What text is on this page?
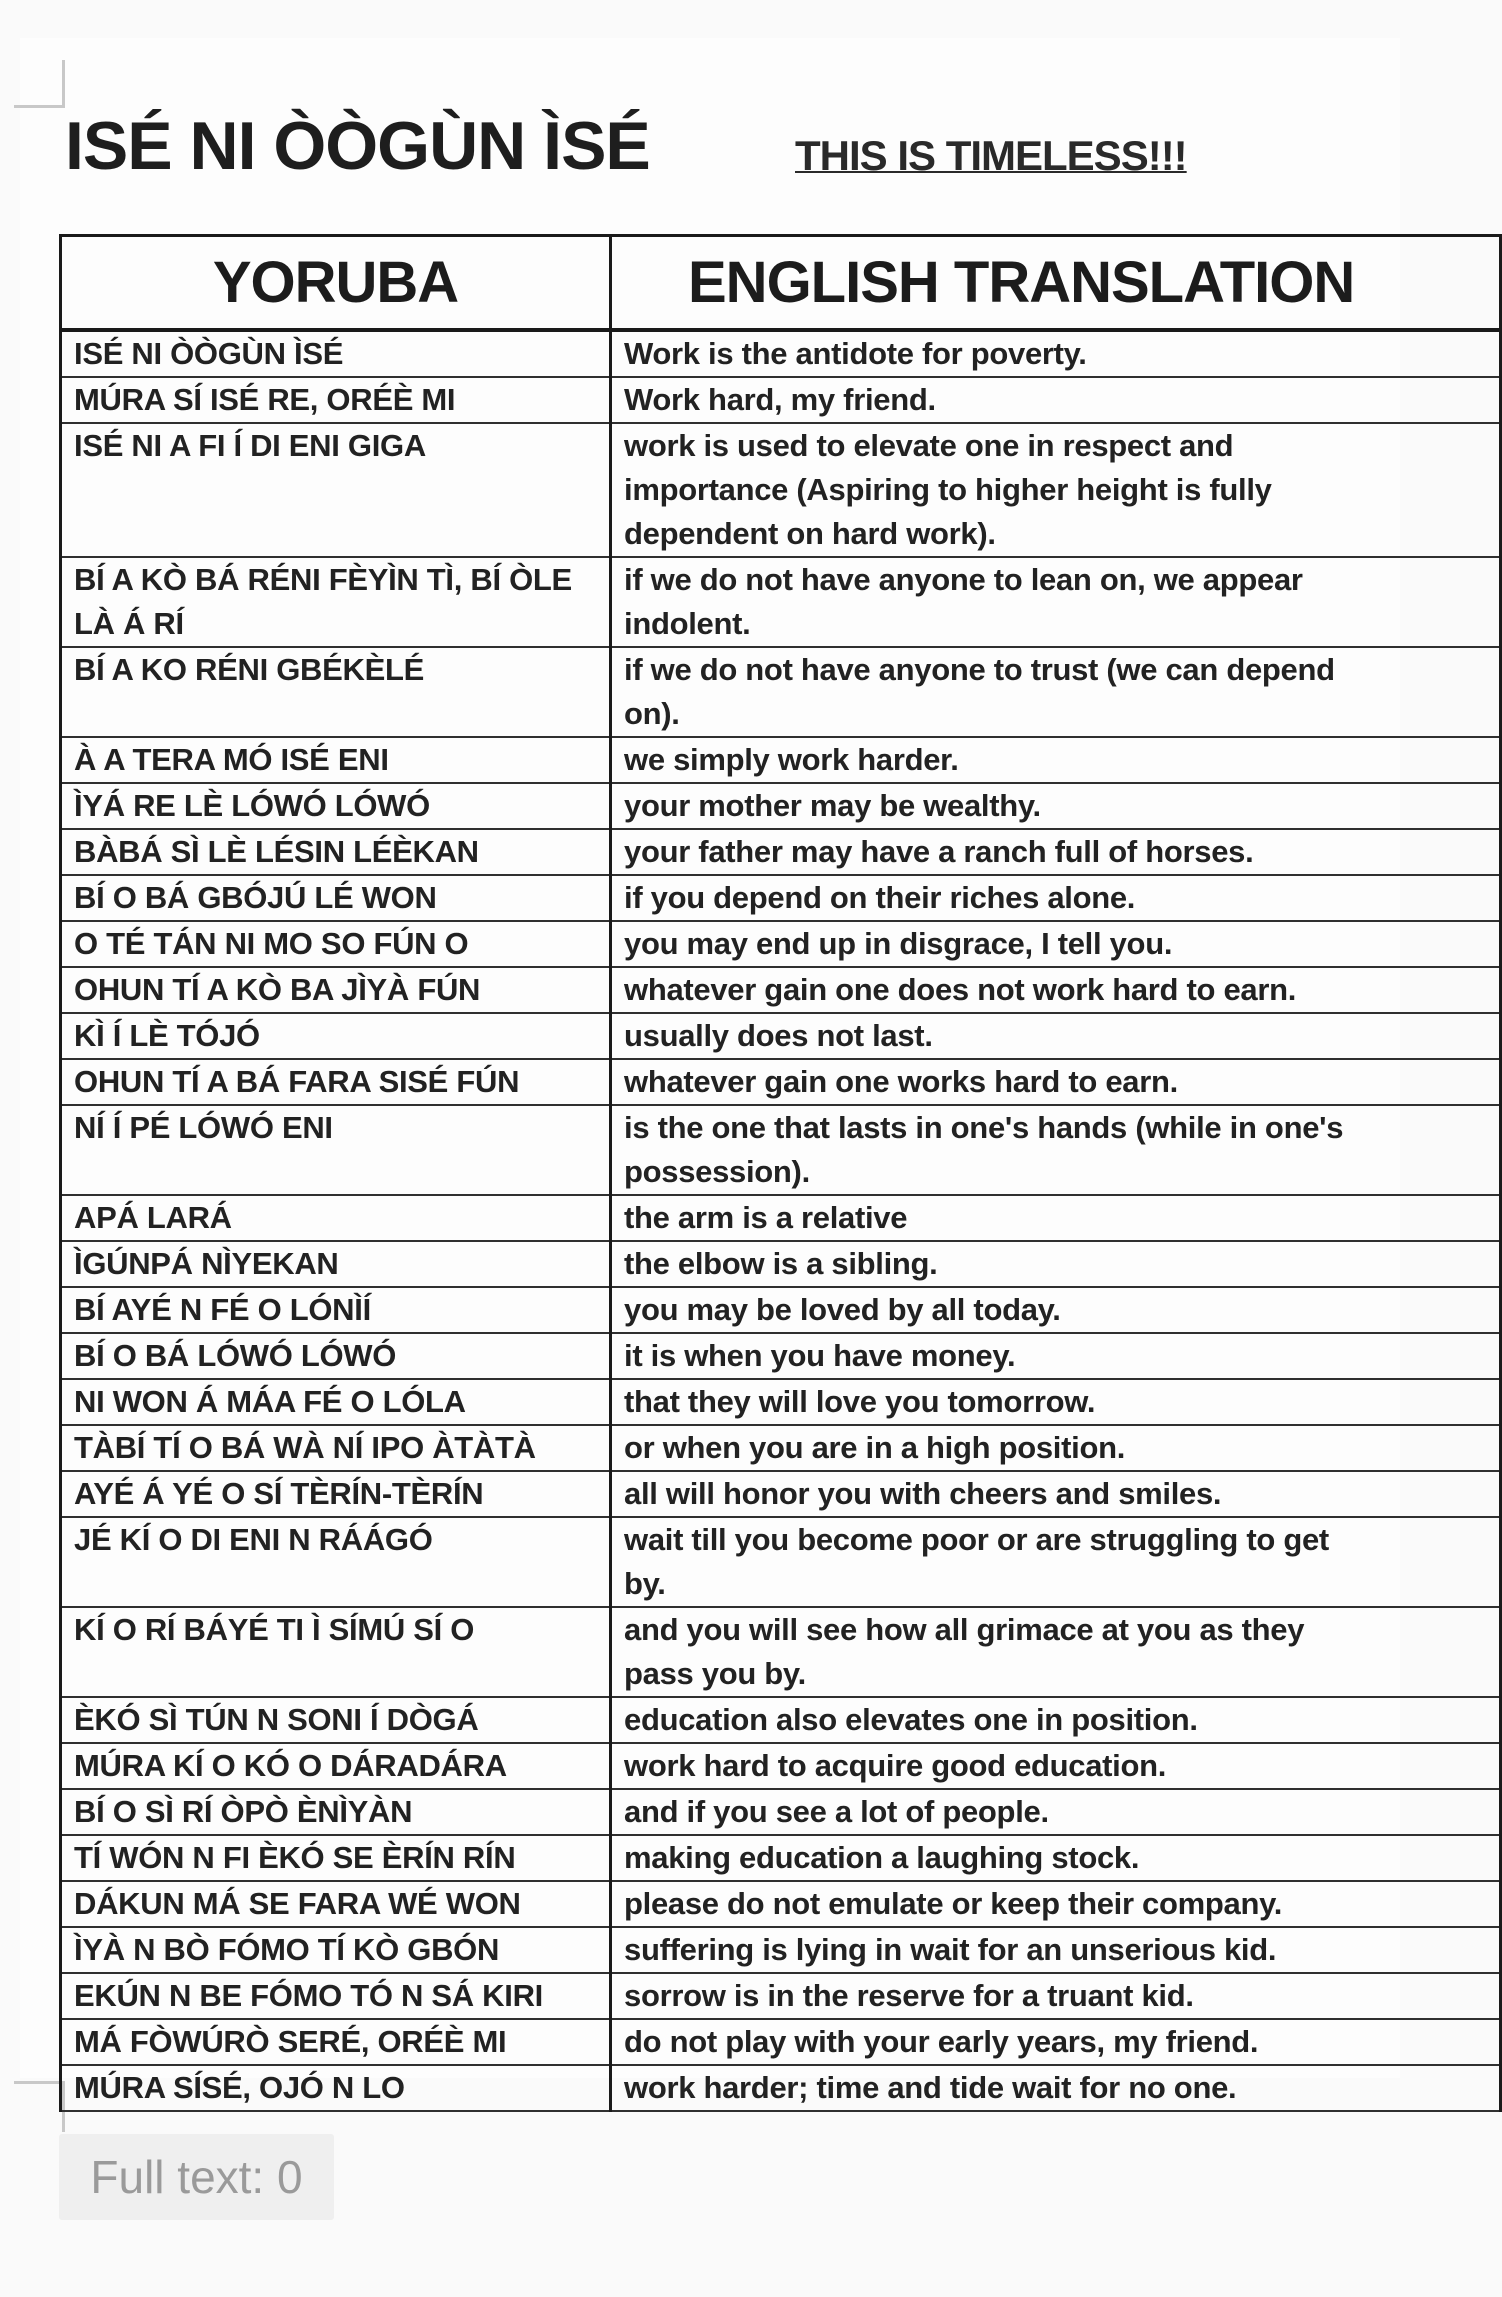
ISÉ NI ÒÒGÙN ÌSÉ	THIS IS TIMELESS!!!
YORUBA	ENGLISH TRANSLATION
ISÉ NI ÒÒGÙN ÌSÉ	Work is the antidote for poverty.
MÚRA SÍ ISÉ RE, ORÉÈ MI	Work hard, my friend.
ISÉ NI A FI Í DI ENI GIGA	work is used to elevate one in respect and importance (Aspiring to higher height is fully dependent on hard work).
BÍ A KÒ BÁ RÉNI FÈYÌN TÌ, BÍ ÒLE LÀ Á RÍ	if we do not have anyone to lean on, we appear indolent.
BÍ A KO RÉNI GBÉKÈLÉ	if we do not have anyone to trust (we can depend on).
À A TERA MÓ ISÉ ENI	we simply work harder.
ÌYÁ RE LÈ LÓWÓ LÓWÓ	your mother may be wealthy.
BÀBÁ SÌ LÈ LÉSIN LÉÈKAN	your father may have a ranch full of horses.
BÍ O BÁ GBÓJÚ LÉ WON	if you depend on their riches alone.
O TÉ TÁN NI MO SO FÚN O	you may end up in disgrace, I tell you.
OHUN TÍ A KÒ BA JÌYÀ FÚN	whatever gain one does not work hard to earn.
KÌ Í LÈ TÓJÓ	usually does not last.
OHUN TÍ A BÁ FARA SISÉ FÚN	whatever gain one works hard to earn.
NÍ Í PÉ LÓWÓ ENI	is the one that lasts in one's hands (while in one's possession).
APÁ LARÁ	the arm is a relative
ÌGÚNPÁ NÌYEKAN	the elbow is a sibling.
BÍ AYÉ N FÉ O LÓNÌÍ	you may be loved by all today.
BÍ O BÁ LÓWÓ LÓWÓ	it is when you have money.
NI WON Á MÁA FÉ O LÓLA	that they will love you tomorrow.
TÀBÍ TÍ O BÁ WÀ NÍ IPO ÀTÀTÀ	or when you are in a high position.
AYÉ Á YÉ O SÍ TÈRÍN-TÈRÍN	all will honor you with cheers and smiles.
JÉ KÍ O DI ENI N RÁÁGÓ	wait till you become poor or are struggling to get by.
KÍ O RÍ BÁYÉ TI Ì SÍMÚ SÍ O	and you will see how all grimace at you as they pass you by.
ÈKÓ SÌ TÚN N SONI Í DÒGÁ	education also elevates one in position.
MÚRA KÍ O KÓ O DÁRADÁRA	work hard to acquire good education.
BÍ O SÌ RÍ ÒPÒ ÈNÌYÀN	and if you see a lot of people.
TÍ WÓN N FI ÈKÓ SE ÈRÍN RÍN	making education a laughing stock.
DÁKUN MÁ SE FARA WÉ WON	please do not emulate or keep their company.
ÌYÀ N BÒ FÓMO TÍ KÒ GBÓN	suffering is lying in wait for an unserious kid.
EKÚN N BE FÓMO TÓ N SÁ KIRI	sorrow is in the reserve for a truant kid.
MÁ FÒWÚRÒ SERÉ, ORÉÈ MI	do not play with your early years, my friend.
MÚRA SÍSÉ, OJÓ N LO	work harder; time and tide wait for no one.
Full text: 0
